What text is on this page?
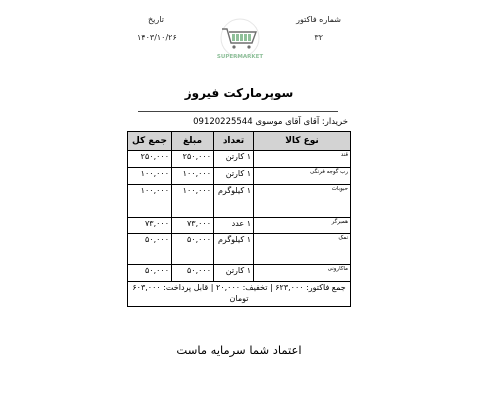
شماره فاکتور
۳۲
تاریخ
۱۴۰۳/۱۰/۲۶
SUPERMARKET
سوپرمارکت فیروز
خریدار: آقای آقای موسوی 09120225544
نوع کالا	تعداد	مبلغ	جمع کل
قند	۱ کارتن	۲۵۰,۰۰۰	۲۵۰,۰۰۰
رب گوجه فرنگی	۱ کارتن	۱۰۰,۰۰۰	۱۰۰,۰۰۰
حبوبات	۱ کیلوگرم	۱۰۰,۰۰۰	۱۰۰,۰۰۰
همبرگر	۱ عدد	۷۳,۰۰۰	۷۳,۰۰۰
نمک	۱ کیلوگرم	۵۰,۰۰۰	۵۰,۰۰۰
ماکارونی	۱ کارتن	۵۰,۰۰۰	۵۰,۰۰۰
جمع فاکتور: ۶۲۳,۰۰۰ | تخفیف: ۲۰,۰۰۰ | قابل پرداخت: ۶۰۳,۰۰۰ تومان			
اعتماد شما سرمایه ماست
